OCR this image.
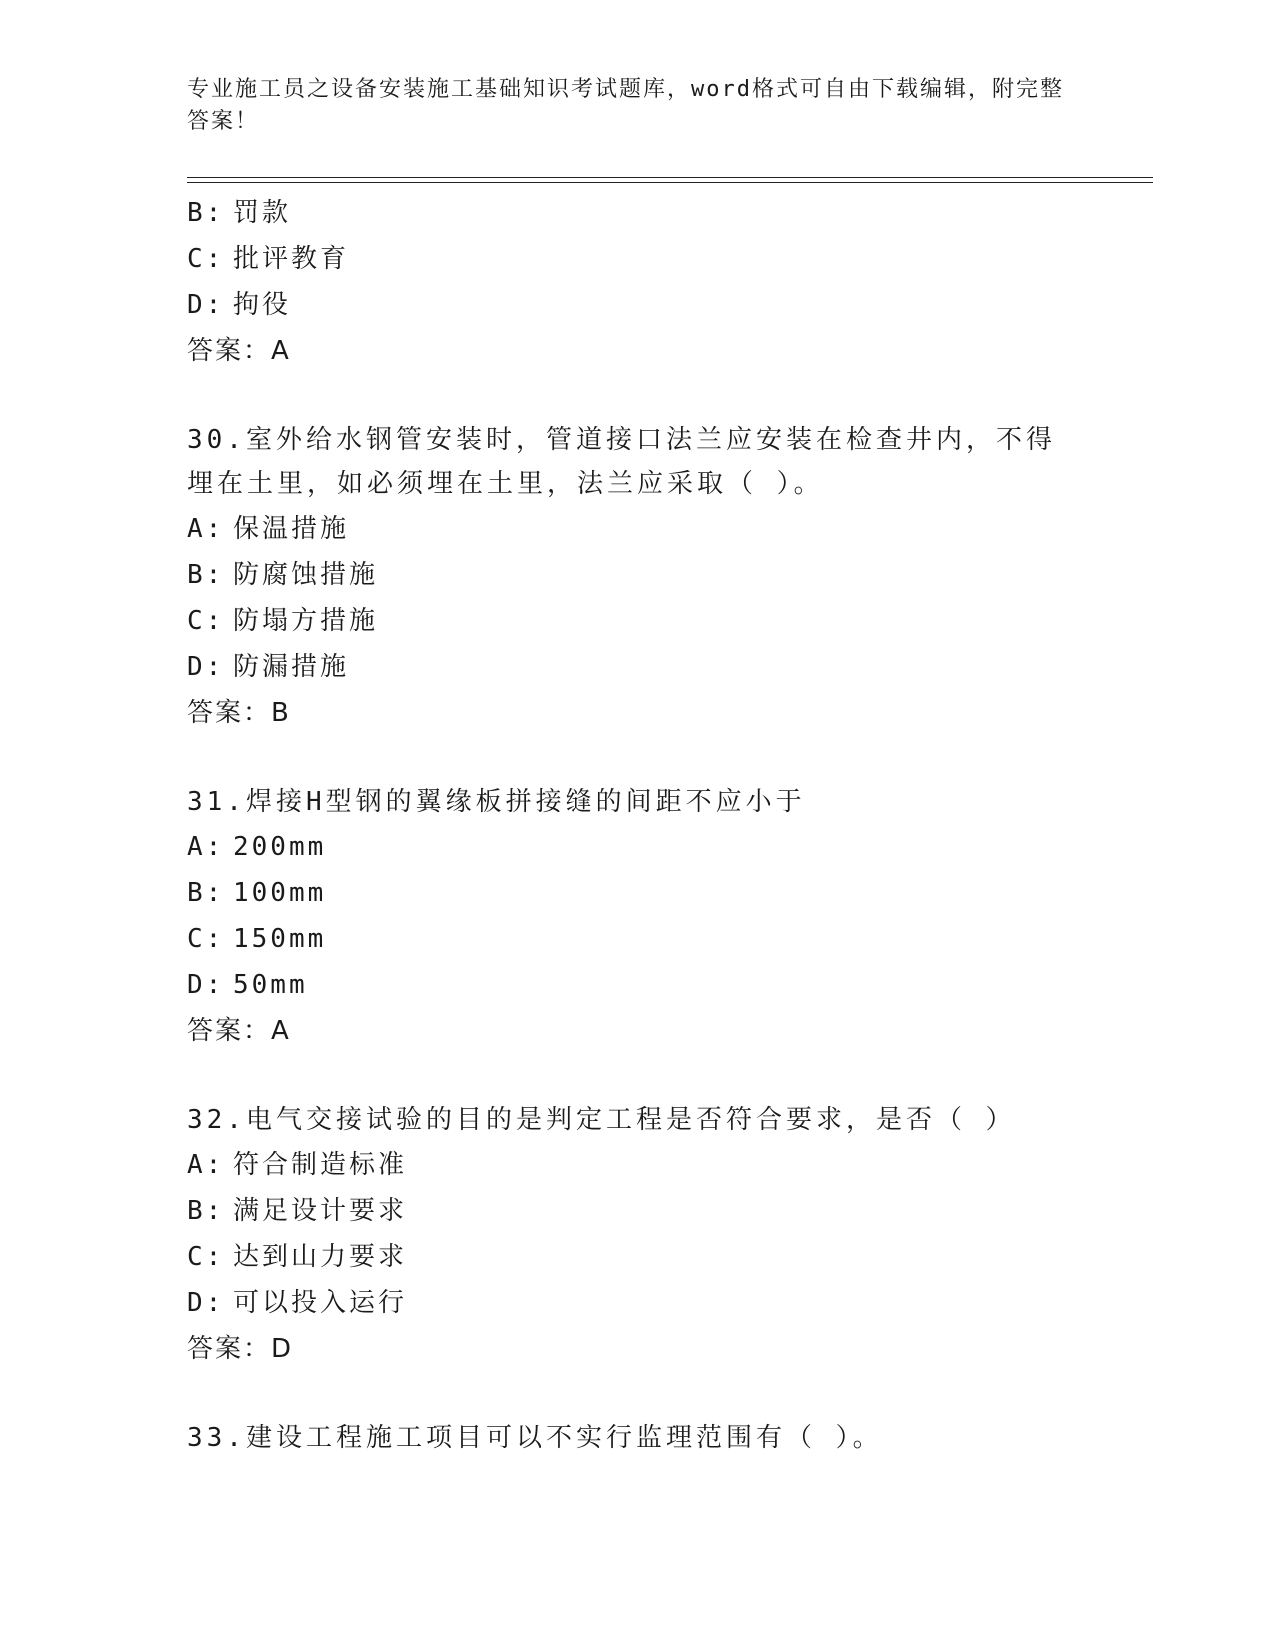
专业施工员之设备安装施工基础知识考试题库，word格式可自由下载编辑，附完整答案！
B: 罚款
C: 批评教育
D: 拘役
答案：A
30.室外给水钢管安装时，管道接口法兰应安装在检查井内，不得埋在土里，如必须埋在土里，法兰应采取（ ）。
A: 保温措施
B: 防腐蚀措施
C: 防塌方措施
D: 防漏措施
答案：B
31.焊接H型钢的翼缘板拼接缝的间距不应小于
A: 200mm
B: 100mm
C: 150mm
D: 50mm
答案：A
32.电气交接试验的目的是判定工程是否符合要求，是否（ ）
A: 符合制造标准
B: 满足设计要求
C: 达到山力要求
D: 可以投入运行
答案：D
33.建设工程施工项目可以不实行监理范围有（ ）。
